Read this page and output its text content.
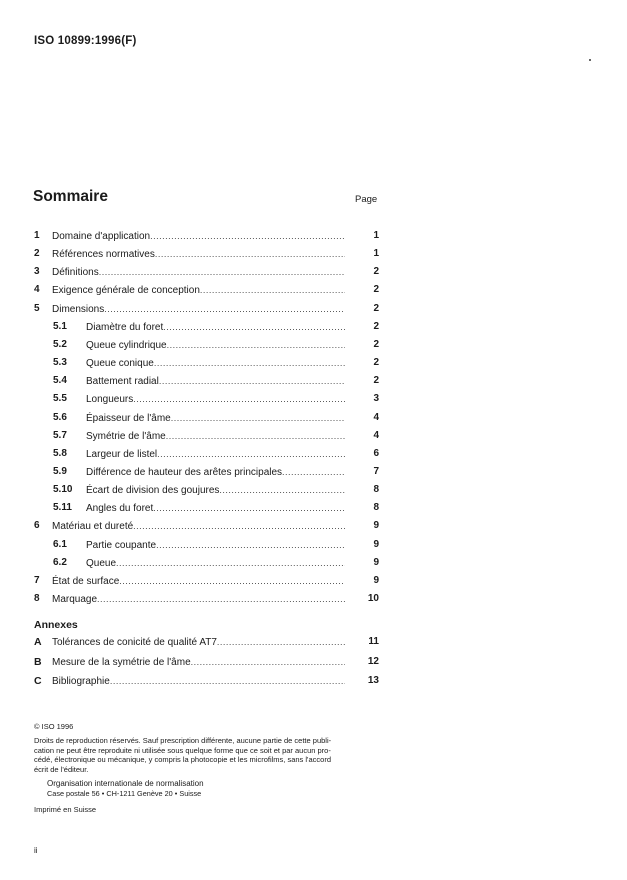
ISO 10899:1996(F)
Sommaire	Page
1 Domaine d'application .....	1
2 Références normatives .....	1
3 Définitions .....	2
4 Exigence générale de conception .....	2
5 Dimensions .....	2
5.1 Diamètre du foret .....	2
5.2 Queue cylindrique .....	2
5.3 Queue conique .....	2
5.4 Battement radial .....	2
5.5 Longueurs .....	3
5.6 Épaisseur de l'âme .....	4
5.7 Symétrie de l'âme .....	4
5.8 Largeur de listel .....	6
5.9 Différence de hauteur des arêtes principales .....	7
5.10 Écart de division des goujures .....	8
5.11 Angles du foret .....	8
6 Matériau et dureté .....	9
6.1 Partie coupante .....	9
6.2 Queue .....	9
7 État de surface .....	9
8 Marquage .....	10
Annexes
A Tolérances de conicité de qualité AT7 .....	11
B Mesure de la symétrie de l'âme .....	12
C Bibliographie .....	13
© ISO 1996
Droits de reproduction réservés. Sauf prescription différente, aucune partie de cette publi-
cation ne peut être reproduite ni utilisée sous quelque forme que ce soit et par aucun pro-
cédé, électronique ou mécanique, y compris la photocopie et les microfilms, sans l'accord
écrit de l'éditeur.
Organisation internationale de normalisation
Case postale 56 • CH-1211 Genève 20 • Suisse
Imprimé en Suisse
ii
